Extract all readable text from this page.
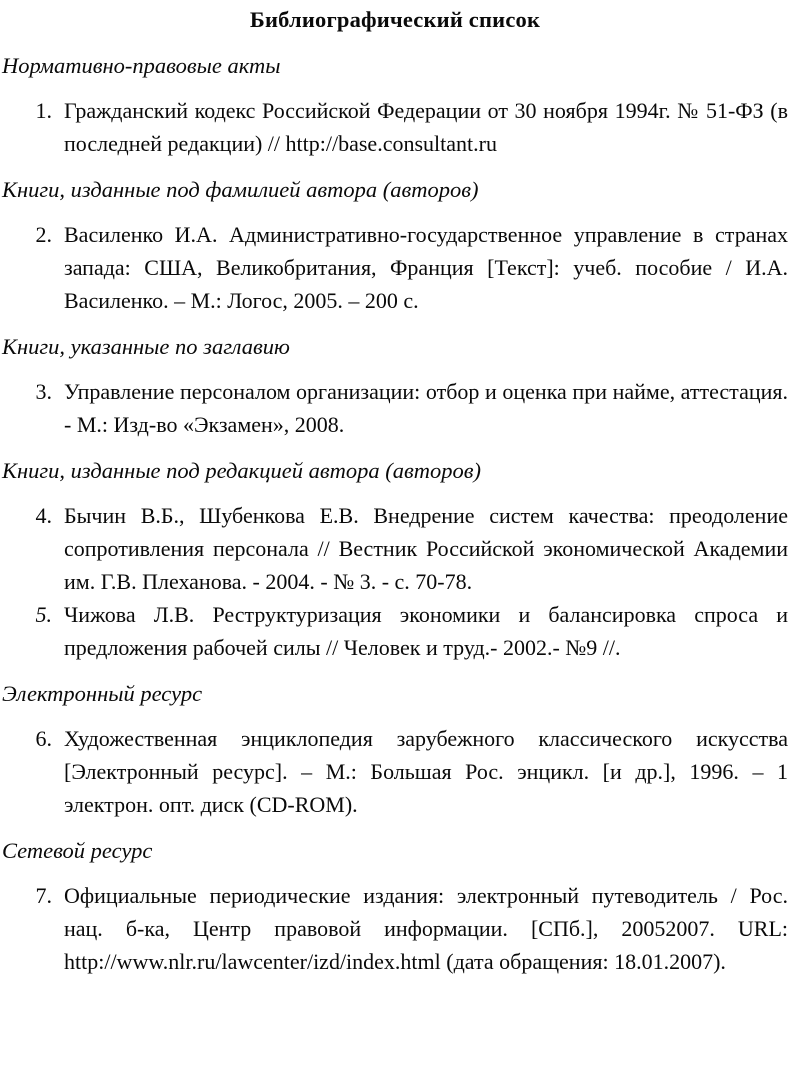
Библиографический список
Нормативно-правовые акты
1. Гражданский кодекс Российской Федерации от 30 ноября 1994г. № 51-ФЗ (в последней редакции) // http://base.consultant.ru
Книги, изданные под фамилией автора (авторов)
2. Василенко И.А. Административно-государственное управление в странах запада: США, Великобритания, Франция [Текст]: учеб. пособие / И.А. Василенко. – М.: Логос, 2005. – 200 с.
Книги, указанные по заглавию
3. Управление персоналом организации: отбор и оценка при найме, аттестация. - М.: Изд-во «Экзамен», 2008.
Книги, изданные под редакцией автора (авторов)
4. Бычин В.Б., Шубенкова Е.В. Внедрение систем качества: преодоление сопротивления персонала // Вестник Российской экономической Академии им. Г.В. Плеханова. - 2004. - № 3. - с. 70-78.
5. Чижова Л.В. Реструктуризация экономики и балансировка спроса и предложения рабочей силы // Человек и труд.- 2002.- №9 //.
Электронный ресурс
6. Художественная энциклопедия зарубежного классического искусства [Электронный ресурс]. – М.: Большая Рос. энцикл. [и др.], 1996. – 1 электрон. опт. диск (CD-ROM).
Сетевой ресурс
7. Официальные периодические издания: электронный путеводитель / Рос. нац. б-ка, Центр правовой информации. [СПб.], 20052007. URL: http://www.nlr.ru/lawcenter/izd/index.html (дата обращения: 18.01.2007).
